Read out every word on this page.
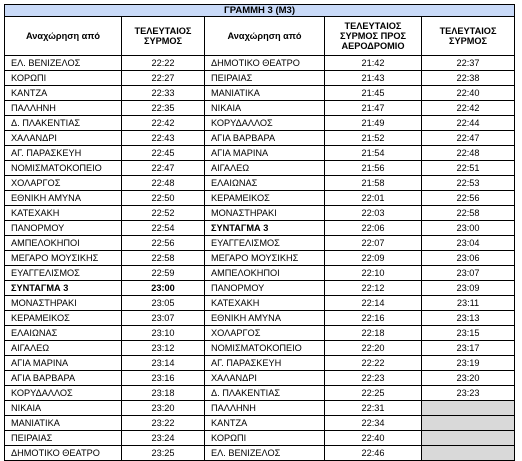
ΓΡΑΜΜΗ 3 (Μ3)				
Αναχώρηση από	ΤΕΛΕΥΤΑΙΟΣ ΣΥΡΜΟΣ	Αναχώρηση από	ΤΕΛΕΥΤΑΙΟΣ ΣΥΡΜΟΣ ΠΡΟΣ ΑΕΡΟΔΡΟΜΙΟ	ΤΕΛΕΥΤΑΙΟΣ ΣΥΡΜΟΣ
ΕΛ. ΒΕΝΙΖΕΛΟΣ	22:22	ΔΗΜΟΤΙΚΟ ΘΕΑΤΡΟ	21:42	22:37
ΚΟΡΩΠΙ	22:27	ΠΕΙΡΑΙΑΣ	21:43	22:38
ΚΑΝΤΖΑ	22:33	ΜΑΝΙΑΤΙΚΑ	21:45	22:40
ΠΑΛΛΗΝΗ	22:35	ΝΙΚΑΙΑ	21:47	22:42
Δ. ΠΛΑΚΕΝΤΙΑΣ	22:42	ΚΟΡΥΔΑΛΛΟΣ	21:49	22:44
ΧΑΛΑΝΔΡΙ	22:43	ΑΓΙΑ ΒΑΡΒΑΡΑ	21:52	22:47
ΑΓ. ΠΑΡΑΣΚΕΥΗ	22:45	ΑΓΙΑ ΜΑΡΙΝΑ	21:54	22:48
ΝΟΜΙΣΜΑΤΟΚΟΠΕΙΟ	22:47	ΑΙΓΑΛΕΩ	21:56	22:51
ΧΟΛΑΡΓΟΣ	22:48	ΕΛΑΙΩΝΑΣ	21:58	22:53
ΕΘΝΙΚΗ ΑΜΥΝΑ	22:50	ΚΕΡΑΜΕΙΚΟΣ	22:01	22:56
ΚΑΤΕΧΑΚΗ	22:52	ΜΟΝΑΣΤΗΡΑΚΙ	22:03	22:58
ΠΑΝΟΡΜΟΥ	22:54	ΣΥΝΤΑΓΜΑ 3	22:06	23:00
ΑΜΠΕΛΟΚΗΠΟΙ	22:56	ΕΥΑΓΓΕΛΙΣΜΟΣ	22:07	23:04
ΜΕΓΑΡΟ ΜΟΥΣΙΚΗΣ	22:58	ΜΕΓΑΡΟ ΜΟΥΣΙΚΗΣ	22:09	23:06
ΕΥΑΓΓΕΛΙΣΜΟΣ	22:59	ΑΜΠΕΛΟΚΗΠΟΙ	22:10	23:07
ΣΥΝΤΑΓΜΑ 3	23:00	ΠΑΝΟΡΜΟΥ	22:12	23:09
ΜΟΝΑΣΤΗΡΑΚΙ	23:05	ΚΑΤΕΧΑΚΗ	22:14	23:11
ΚΕΡΑΜΕΙΚΟΣ	23:07	ΕΘΝΙΚΗ ΑΜΥΝΑ	22:16	23:13
ΕΛΑΙΩΝΑΣ	23:10	ΧΟΛΑΡΓΟΣ	22:18	23:15
ΑΙΓΑΛΕΩ	23:12	ΝΟΜΙΣΜΑΤΟΚΟΠΕΙΟ	22:20	23:17
ΑΓΙΑ ΜΑΡΙΝΑ	23:14	ΑΓ. ΠΑΡΑΣΚΕΥΗ	22:22	23:19
ΑΓΙΑ ΒΑΡΒΑΡΑ	23:16	ΧΑΛΑΝΔΡΙ	22:23	23:20
ΚΟΡΥΔΑΛΛΟΣ	23:18	Δ. ΠΛΑΚΕΝΤΙΑΣ	22:25	23:23
ΝΙΚΑΙΑ	23:20	ΠΑΛΛΗΝΗ	22:31	
ΜΑΝΙΑΤΙΚΑ	23:22	ΚΑΝΤΖΑ	22:34	
ΠΕΙΡΑΙΑΣ	23:24	ΚΟΡΩΠΙ	22:40	
ΔΗΜΟΤΙΚΟ ΘΕΑΤΡΟ	23:25	ΕΛ. ΒΕΝΙΖΕΛΟΣ	22:46	
